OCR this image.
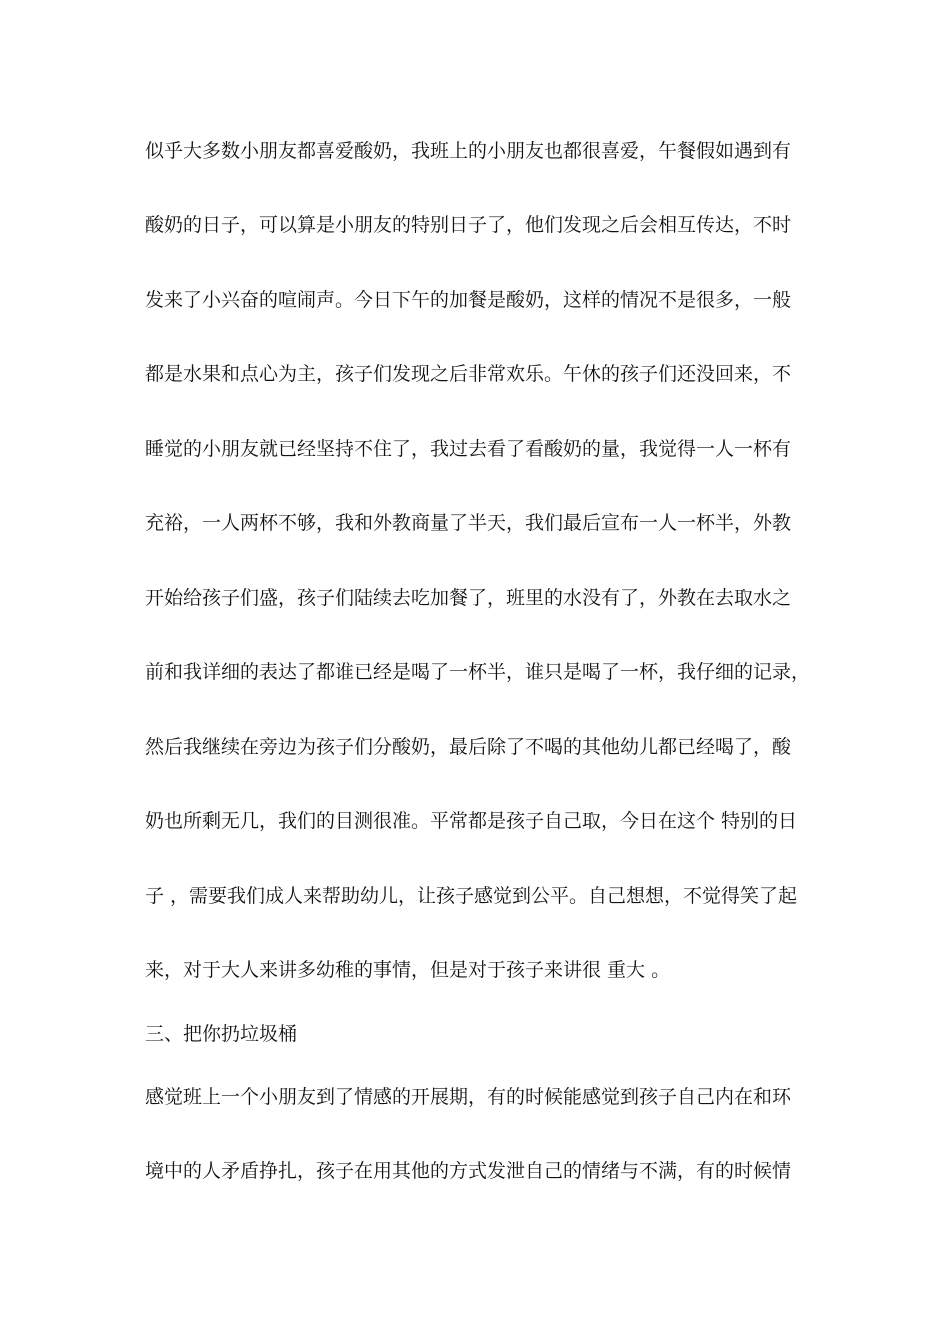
似乎大多数小朋友都喜爱酸奶，我班上的小朋友也都很喜爱，午餐假如遇到有
酸奶的日子，可以算是小朋友的特别日子了，他们发现之后会相互传达，不时
发来了小兴奋的喧闹声。今日下午的加餐是酸奶，这样的情况不是很多，一般
都是水果和点心为主，孩子们发现之后非常欢乐。午休的孩子们还没回来，不
睡觉的小朋友就已经坚持不住了，我过去看了看酸奶的量，我觉得一人一杯有
充裕，一人两杯不够，我和外教商量了半天，我们最后宣布一人一杯半，外教
开始给孩子们盛，孩子们陆续去吃加餐了，班里的水没有了，外教在去取水之
前和我详细的表达了都谁已经是喝了一杯半，谁只是喝了一杯，我仔细的记录，
然后我继续在旁边为孩子们分酸奶，最后除了不喝的其他幼儿都已经喝了，酸
奶也所剩无几，我们的目测很准。平常都是孩子自己取，今日在这个 特别的日
子 ，需要我们成人来帮助幼儿，让孩子感觉到公平。自己想想，不觉得笑了起
来，对于大人来讲多幼稚的事情，但是对于孩子来讲很 重大 。
三、把你扔垃圾桶
感觉班上一个小朋友到了情感的开展期，有的时候能感觉到孩子自己内在和环
境中的人矛盾挣扎，孩子在用其他的方式发泄自己的情绪与不满，有的时候情
